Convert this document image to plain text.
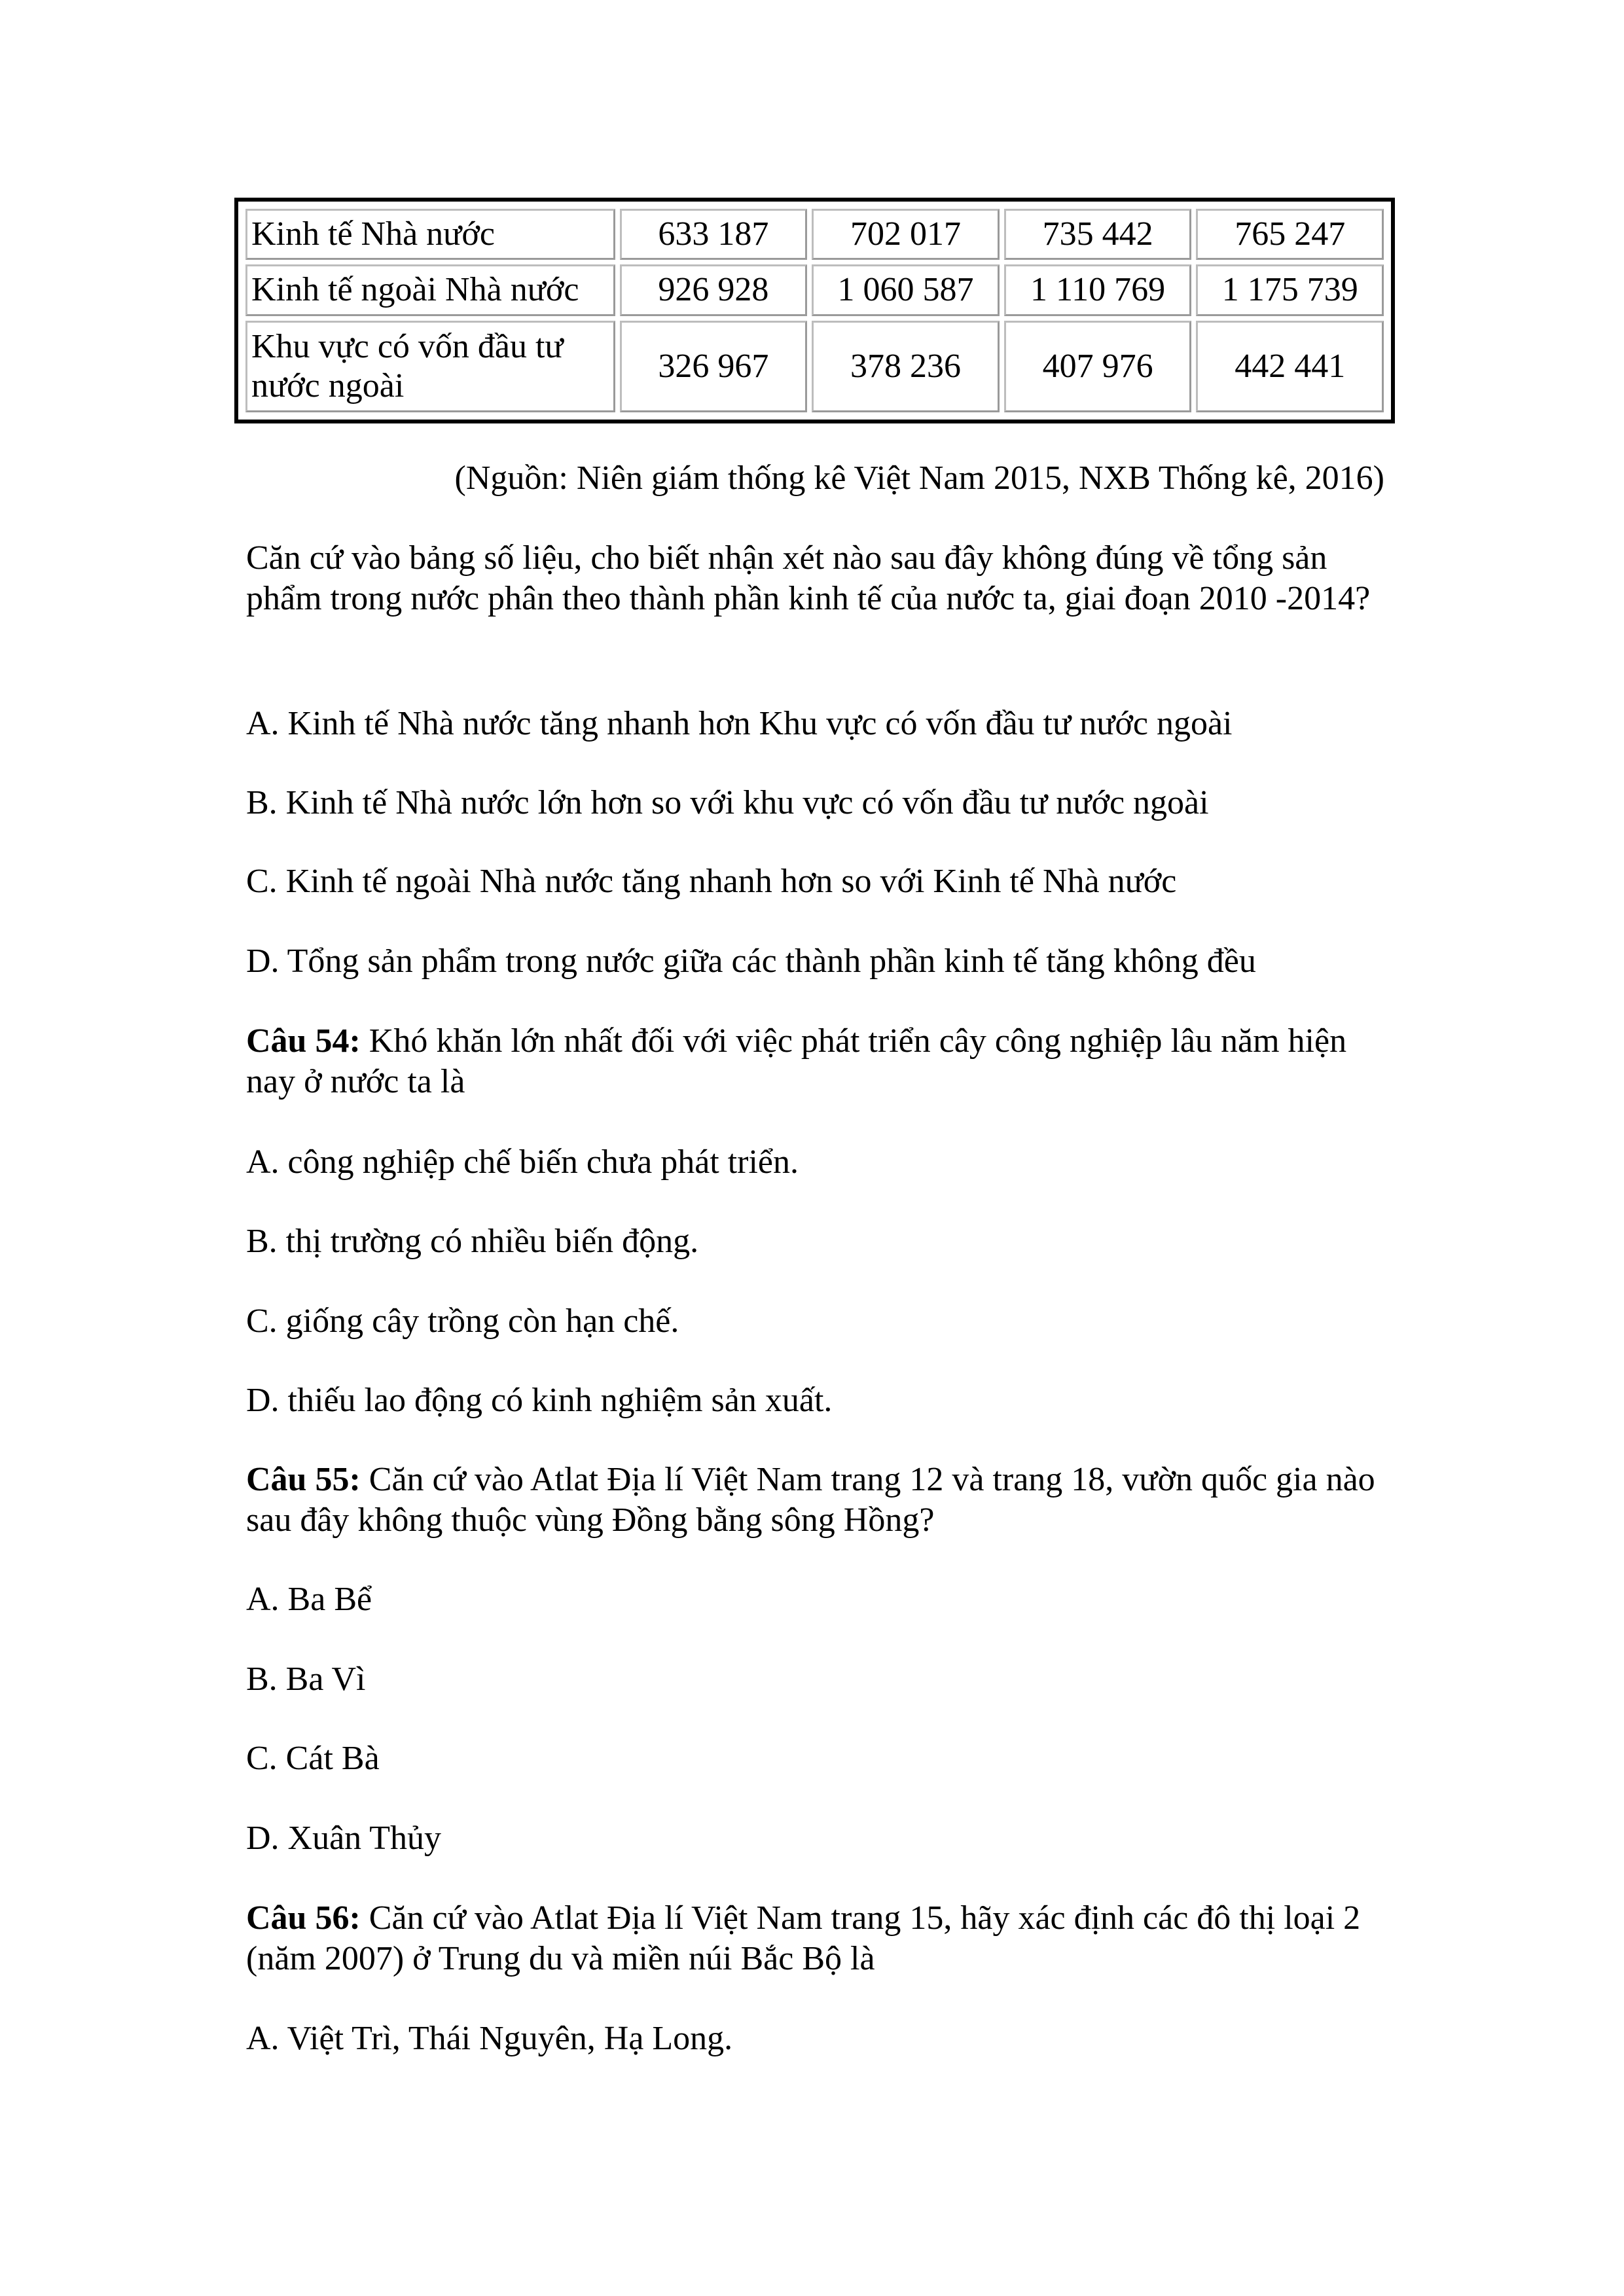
Kinh tế Nhà nước	633 187	702 017	735 442	765 247
Kinh tế ngoài Nhà nước	926 928	1 060 587	1 110 769	1 175 739
Khu vực có vốn đầu tư nước ngoài	326 967	378 236	407 976	442 441
(Nguồn: Niên giám thống kê Việt Nam 2015, NXB Thống kê, 2016)
Căn cứ vào bảng số liệu, cho biết nhận xét nào sau đây không đúng về tổng sản phẩm trong nước phân theo thành phần kinh tế của nước ta, giai đoạn 2010 -2014?
A. Kinh tế Nhà nước tăng nhanh hơn Khu vực có vốn đầu tư nước ngoài
B. Kinh tế Nhà nước lớn hơn so với khu vực có vốn đầu tư nước ngoài
C. Kinh tế ngoài Nhà nước tăng nhanh hơn so với Kinh tế Nhà nước
D. Tổng sản phẩm trong nước giữa các thành phần kinh tế tăng không đều
Câu 54: Khó khăn lớn nhất đối với việc phát triển cây công nghiệp lâu năm hiện nay ở nước ta là
A. công nghiệp chế biến chưa phát triển.
B. thị trường có nhiều biến động.
C. giống cây trồng còn hạn chế.
D. thiếu lao động có kinh nghiệm sản xuất.
Câu 55: Căn cứ vào Atlat Địa lí Việt Nam trang 12 và trang 18, vườn quốc gia nào sau đây không thuộc vùng Đồng bằng sông Hồng?
A. Ba Bể
B. Ba Vì
C. Cát Bà
D. Xuân Thủy
Câu 56: Căn cứ vào Atlat Địa lí Việt Nam trang 15, hãy xác định các đô thị loại 2 (năm 2007) ở Trung du và miền núi Bắc Bộ là
A. Việt Trì, Thái Nguyên, Hạ Long.
